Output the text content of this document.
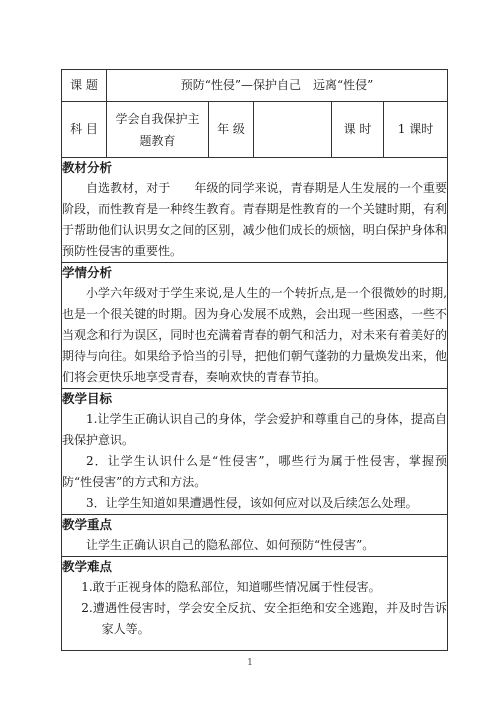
课 题	预防“性侵”—保护自己　远离“性侵”				
科 目	学会自我保护主题教育	年 级		课 时	1 课时

教材分析
自选教材，对于　　年级的同学来说，青春期是人生发展的一个重要阶段，而性教育是一种终生教育。青春期是性教育的一个关键时期，有利于帮助他们认识男女之间的区别，减少他们成长的烦恼，明白保护身体和预防性侵害的重要性。					

学情分析
小学六年级对于学生来说,是人生的一个转折点,是一个很微妙的时期,也是一个很关键的时期。因为身心发展不成熟，会出现一些困惑，一些不当观念和行为误区，同时也充满着青春的朝气和活力，对未来有着美好的期待与向往。如果给予恰当的引导，把他们朝气蓬勃的力量焕发出来，他们将会更快乐地享受青春，奏响欢快的青春节拍。					

教学目标
1.让学生正确认识自己的身体，学会爱护和尊重自己的身体，提高自我保护意识。
2．让学生认识什么是“性侵害”，哪些行为属于性侵害，掌握预防“性侵害”的方式和方法。
3．让学生知道如果遭遇性侵，该如何应对以及后续怎么处理。					

教学重点
让学生正确认识自己的隐私部位、如何预防“性侵害”。					

教学难点
1.敢于正视身体的隐私部位，知道哪些情况属于性侵害。
2.遭遇性侵害时，学会安全反抗、安全拒绝和安全逃跑，并及时告诉家人等。					
1
